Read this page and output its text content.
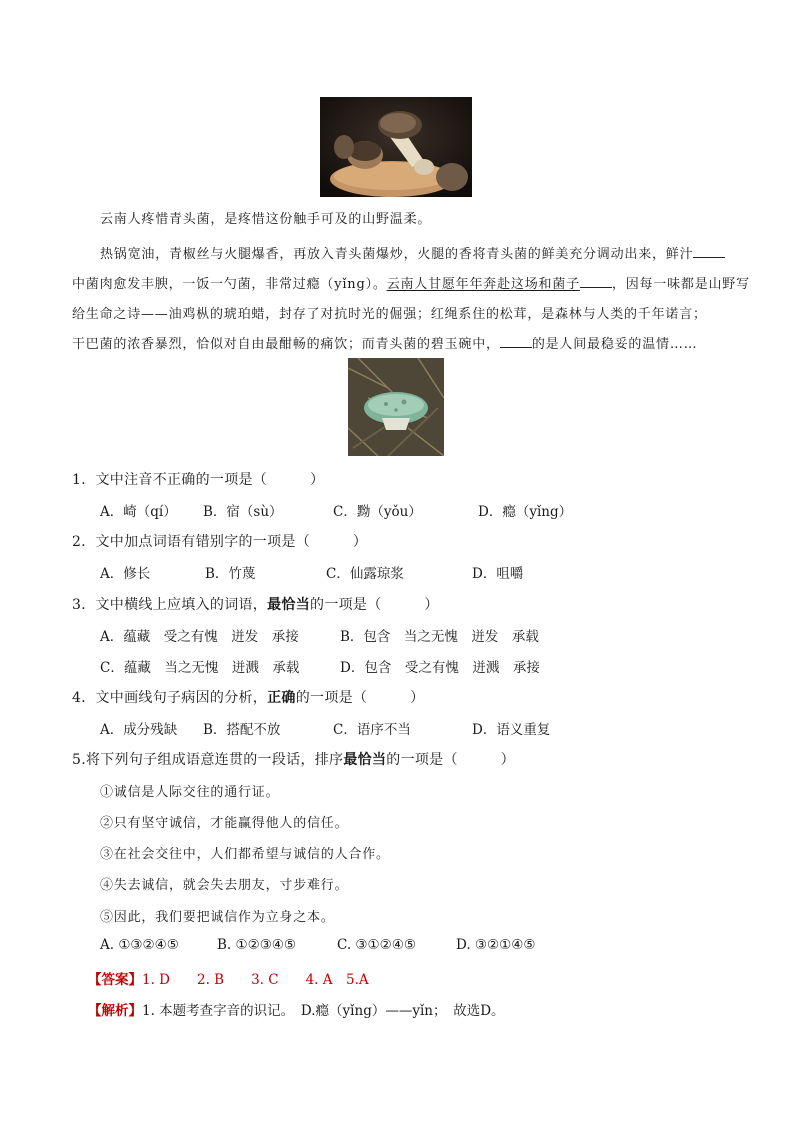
云南人疼惜青头菌，是疼惜这份触手可及的山野温柔。
热锅宽油，青椒丝与火腿爆香，再放入青头菌爆炒，火腿的香将青头菌的鲜美充分调动出来，鲜汁
中菌肉愈发丰腴，一饭一勺菌，非常过瘾（yǐng）。云南人甘愿年年奔赴这场和菌子 ，因每一味都是山野写
给生命之诗——油鸡枞的琥珀蜡，封存了对抗时光的倔强；红绳系住的松茸，是森林与人类的千年诺言；
干巴菌的浓香暴烈，恰似对自由最酣畅的痛饮；而青头菌的碧玉碗中， 的是人间最稳妥的温情……
1．文中注音不正确的一项是（　　　）
A．崎（qí） B．宿（sù）	C．黝（yǒu）	D．瘾（yǐng）
2．文中加点词语有错别字的一项是（　　　）
A．修长	B．竹蔑	C．仙露琼浆	D．咀嚼
3．文中横线上应填入的词语，最恰当的一项是（　　　）
A．蕴藏　受之有愧　迸发　承接	B．包含　当之无愧　迸发　承载
C．蕴藏　当之无愧　迸溅　承载	D．包含　受之有愧　迸溅　承接
4．文中画线句子病因的分析，正确的一项是（　　　）
A．成分残缺 B．搭配不放	C．语序不当	D．语义重复
5.将下列句子组成语意连贯的一段话，排序最恰当的一项是（　　　）
①诚信是人际交往的通行证。
②只有坚守诚信，才能赢得他人的信任。
③在社会交往中，人们都希望与诚信的人合作。
④失去诚信，就会失去朋友，寸步难行。
⑤因此，我们要把诚信作为立身之本。
A. ①③②④⑤	B. ①②③④⑤	C. ③①②④⑤	D. ③②①④⑤
【答案】1. D　　2. B　　3. C　　4. A　5.A
【解析】1. 本题考查字音的识记。　D.瘾（yǐng）——yǐn；　故选D。
